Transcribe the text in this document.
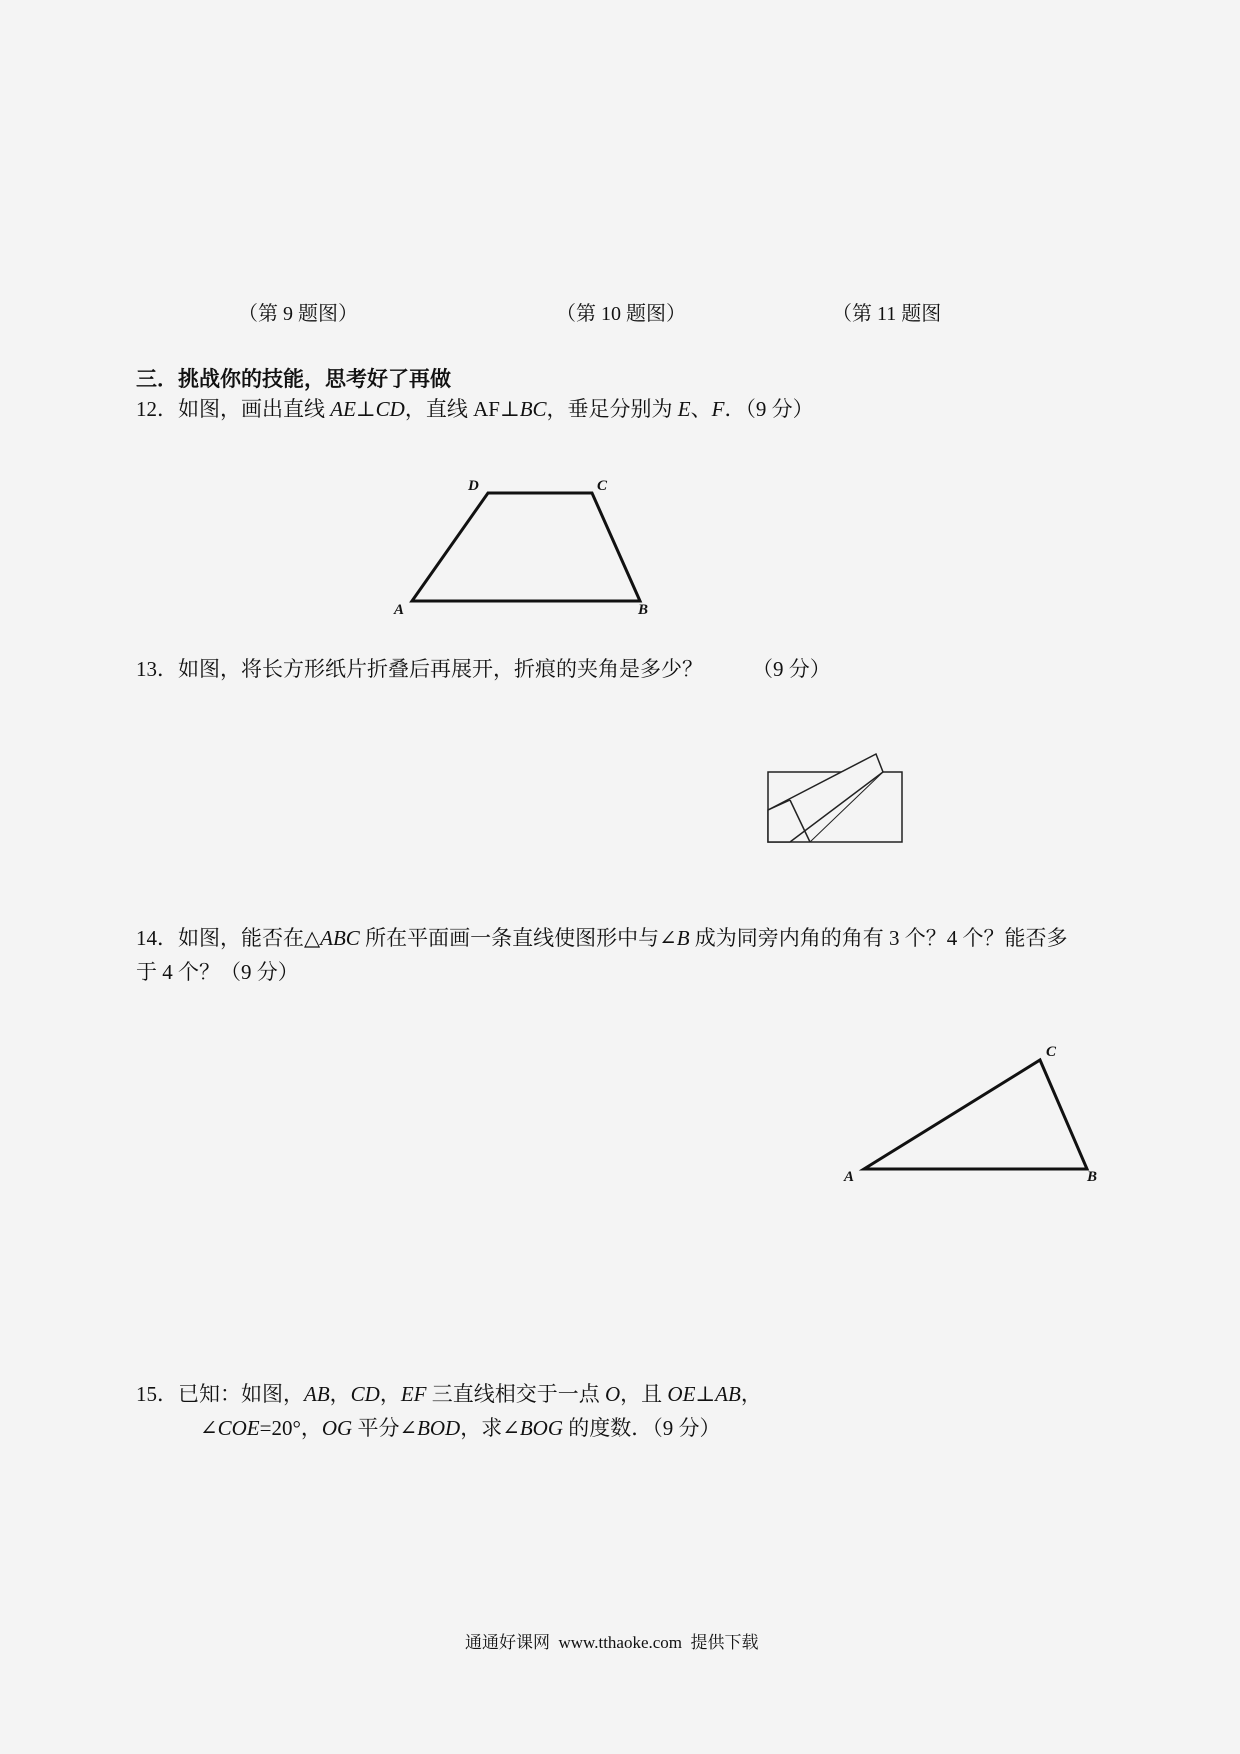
（第 9 题图）	（第 10 题图）	（第 11 题图
三．挑战你的技能，思考好了再做
12．如图，画出直线 AE⊥CD，直线 AF⊥BC，垂足分别为 E、F．（9 分）
D	C
A	B
13．如图，将长方形纸片折叠后再展开，折痕的夹角是多少？ （9 分）
14．如图，能否在△ABC 所在平面画一条直线使图形中与∠B 成为同旁内角的角有 3 个？4 个？能否多
于 4 个？（9 分）
C
A	B
15．已知：如图，AB，CD，EF 三直线相交于一点 O，且 OE⊥AB，
∠COE=20°，OG 平分∠BOD，求∠BOG 的度数．（9 分）
通通好课网 www.tthaoke.com 提供下载
